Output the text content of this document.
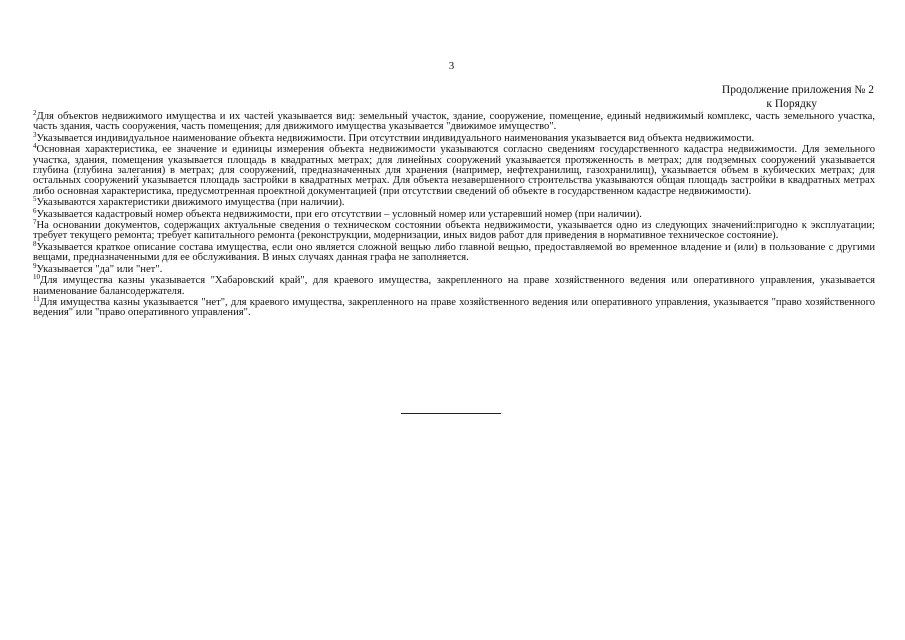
3
Продолжение приложения № 2
к Порядку

$^2$Для объектов недвижимого имущества и их частей указывается вид: земельный участок, здание, сооружение, помещение, единый недвижимый комплекс, часть земельного участка, часть здания, часть сооружения, часть помещения; для движимого имущества указывается "движимое имущество".

$^3$Указывается индивидуальное наименование объекта недвижимости. При отсутствии индивидуального наименования указывается вид объекта недвижимости.

$^4$Основная характеристика, ее значение и единицы измерения объекта недвижимости указываются согласно сведениям государственного кадастра недвижимости. Для земельного участка, здания, помещения указывается площадь в квадратных метрах; для линейных сооружений указывается протяженность в метрах; для подземных сооружений указывается глубина (глубина залегания) в метрах; для сооружений, предназначенных для хранения (например, нефтехранилищ, газохранилищ), указывается объем в кубических метрах; для остальных сооружений указывается площадь застройки в квадратных метрах. Для объекта незавершенного строительства указываются общая площадь застройки в квадратных метрах либо основная характеристика, предусмотренная проектной документацией (при отсутствии сведений об объекте в государственном кадастре недвижимости).

$^5$Указываются характеристики движимого имущества (при наличии).

$^6$Указывается кадастровый номер объекта недвижимости, при его отсутствии – условный номер или устаревший номер (при наличии).

$^7$На основании документов, содержащих актуальные сведения о техническом состоянии объекта недвижимости, указывается одно из следующих значений:пригодно к эксплуатации; требует текущего ремонта; требует капитального ремонта (реконструкции, модернизации, иных видов работ для приведения в нормативное техническое состояние).

$^8$Указывается краткое описание состава имущества, если оно является сложной вещью либо главной вещью, предоставляемой во временное владение и (или) в пользование с другими вещами, предназначенными для ее обслуживания. В иных случаях данная графа не заполняется.

$^9$Указывается "да" или "нет".

$^{10}$Для имущества казны указывается "Хабаровский край", для краевого имущества, закрепленного на праве хозяйственного ведения или оперативного управления, указывается наименование балансодержателя.

$^{11}$Для имущества казны указывается "нет", для краевого имущества, закрепленного на праве хозяйственного ведения или оперативного управления, указывается "право хозяйственного ведения" или "право оперативного управления".
